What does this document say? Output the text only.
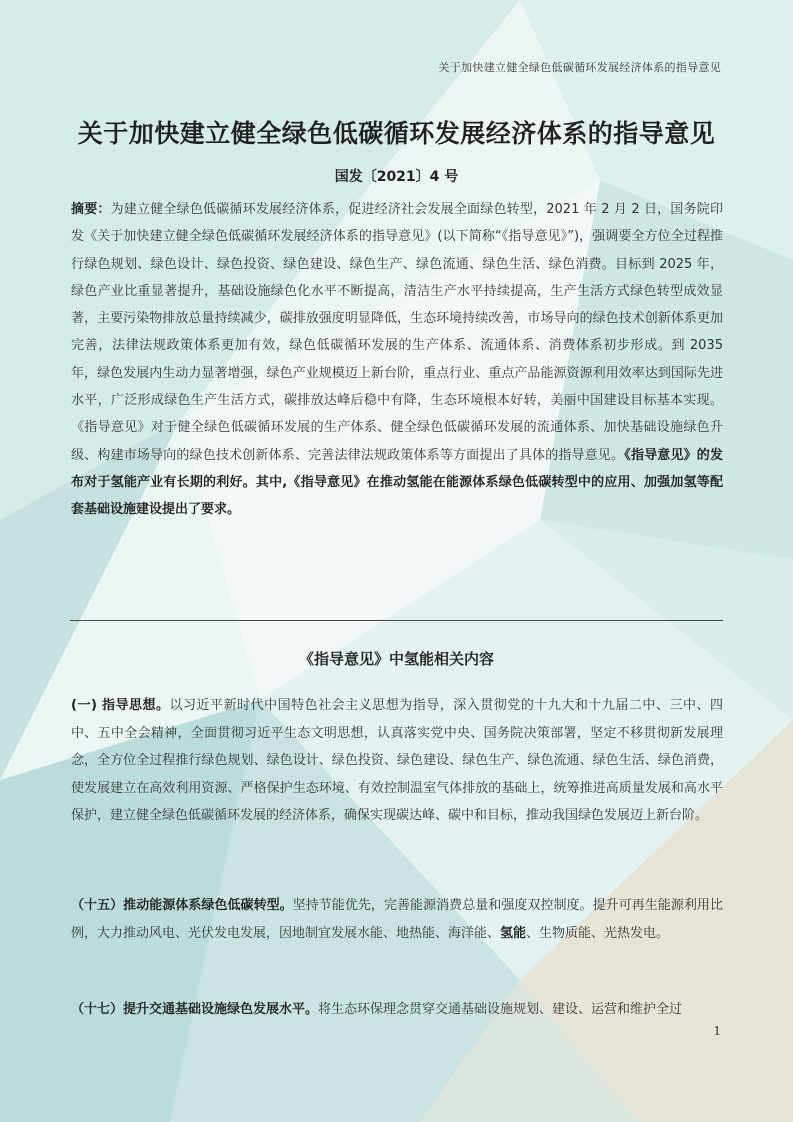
关于加快建立健全绿色低碳循环发展经济体系的指导意见
关于加快建立健全绿色低碳循环发展经济体系的指导意见
国发〔2021〕4 号
摘要：为建立健全绿色低碳循环发展经济体系，促进经济社会发展全面绿色转型，2021 年 2 月 2 日，国务院印发《关于加快建立健全绿色低碳循环发展经济体系的指导意见》(以下简称“《指导意见》”)，强调要全方位全过程推行绿色规划、绿色设计、绿色投资、绿色建设、绿色生产、绿色流通、绿色生活、绿色消费。目标到 2025 年，绿色产业比重显著提升，基础设施绿色化水平不断提高，清洁生产水平持续提高，生产生活方式绿色转型成效显著，主要污染物排放总量持续减少，碳排放强度明显降低，生态环境持续改善，市场导向的绿色技术创新体系更加完善，法律法规政策体系更加有效，绿色低碳循环发展的生产体系、流通体系、消费体系初步形成。到 2035 年，绿色发展内生动力显著增强，绿色产业规模迈上新台阶，重点行业、重点产品能源资源利用效率达到国际先进水平，广泛形成绿色生产生活方式，碳排放达峰后稳中有降，生态环境根本好转，美丽中国建设目标基本实现。《指导意见》对于健全绿色低碳循环发展的生产体系、健全绿色低碳循环发展的流通体系、加快基础设施绿色升级、构建市场导向的绿色技术创新体系、完善法律法规政策体系等方面提出了具体的指导意见。《指导意见》的发布对于氢能产业有长期的利好。其中,《指导意见》在推动氢能在能源体系绿色低碳转型中的应用、加强加氢等配套基础设施建设提出了要求。
《指导意见》中氢能相关内容
(一) 指导思想。以习近平新时代中国特色社会主义思想为指导，深入贯彻党的十九大和十九届二中、三中、四中、五中全会精神，全面贯彻习近平生态文明思想，认真落实党中央、国务院决策部署，坚定不移贯彻新发展理念，全方位全过程推行绿色规划、绿色设计、绿色投资、绿色建设、绿色生产、绿色流通、绿色生活、绿色消费，使发展建立在高效利用资源、严格保护生态环境、有效控制温室气体排放的基础上，统筹推进高质量发展和高水平保护，建立健全绿色低碳循环发展的经济体系，确保实现碳达峰、碳中和目标，推动我国绿色发展迈上新台阶。
（十五）推动能源体系绿色低碳转型。坚持节能优先，完善能源消费总量和强度双控制度。提升可再生能源利用比例，大力推动风电、光伏发电发展，因地制宜发展水能、地热能、海洋能、氢能、生物质能、光热发电。
（十七）提升交通基础设施绿色发展水平。将生态环保理念贯穿交通基础设施规划、建设、运营和维护全过
1
